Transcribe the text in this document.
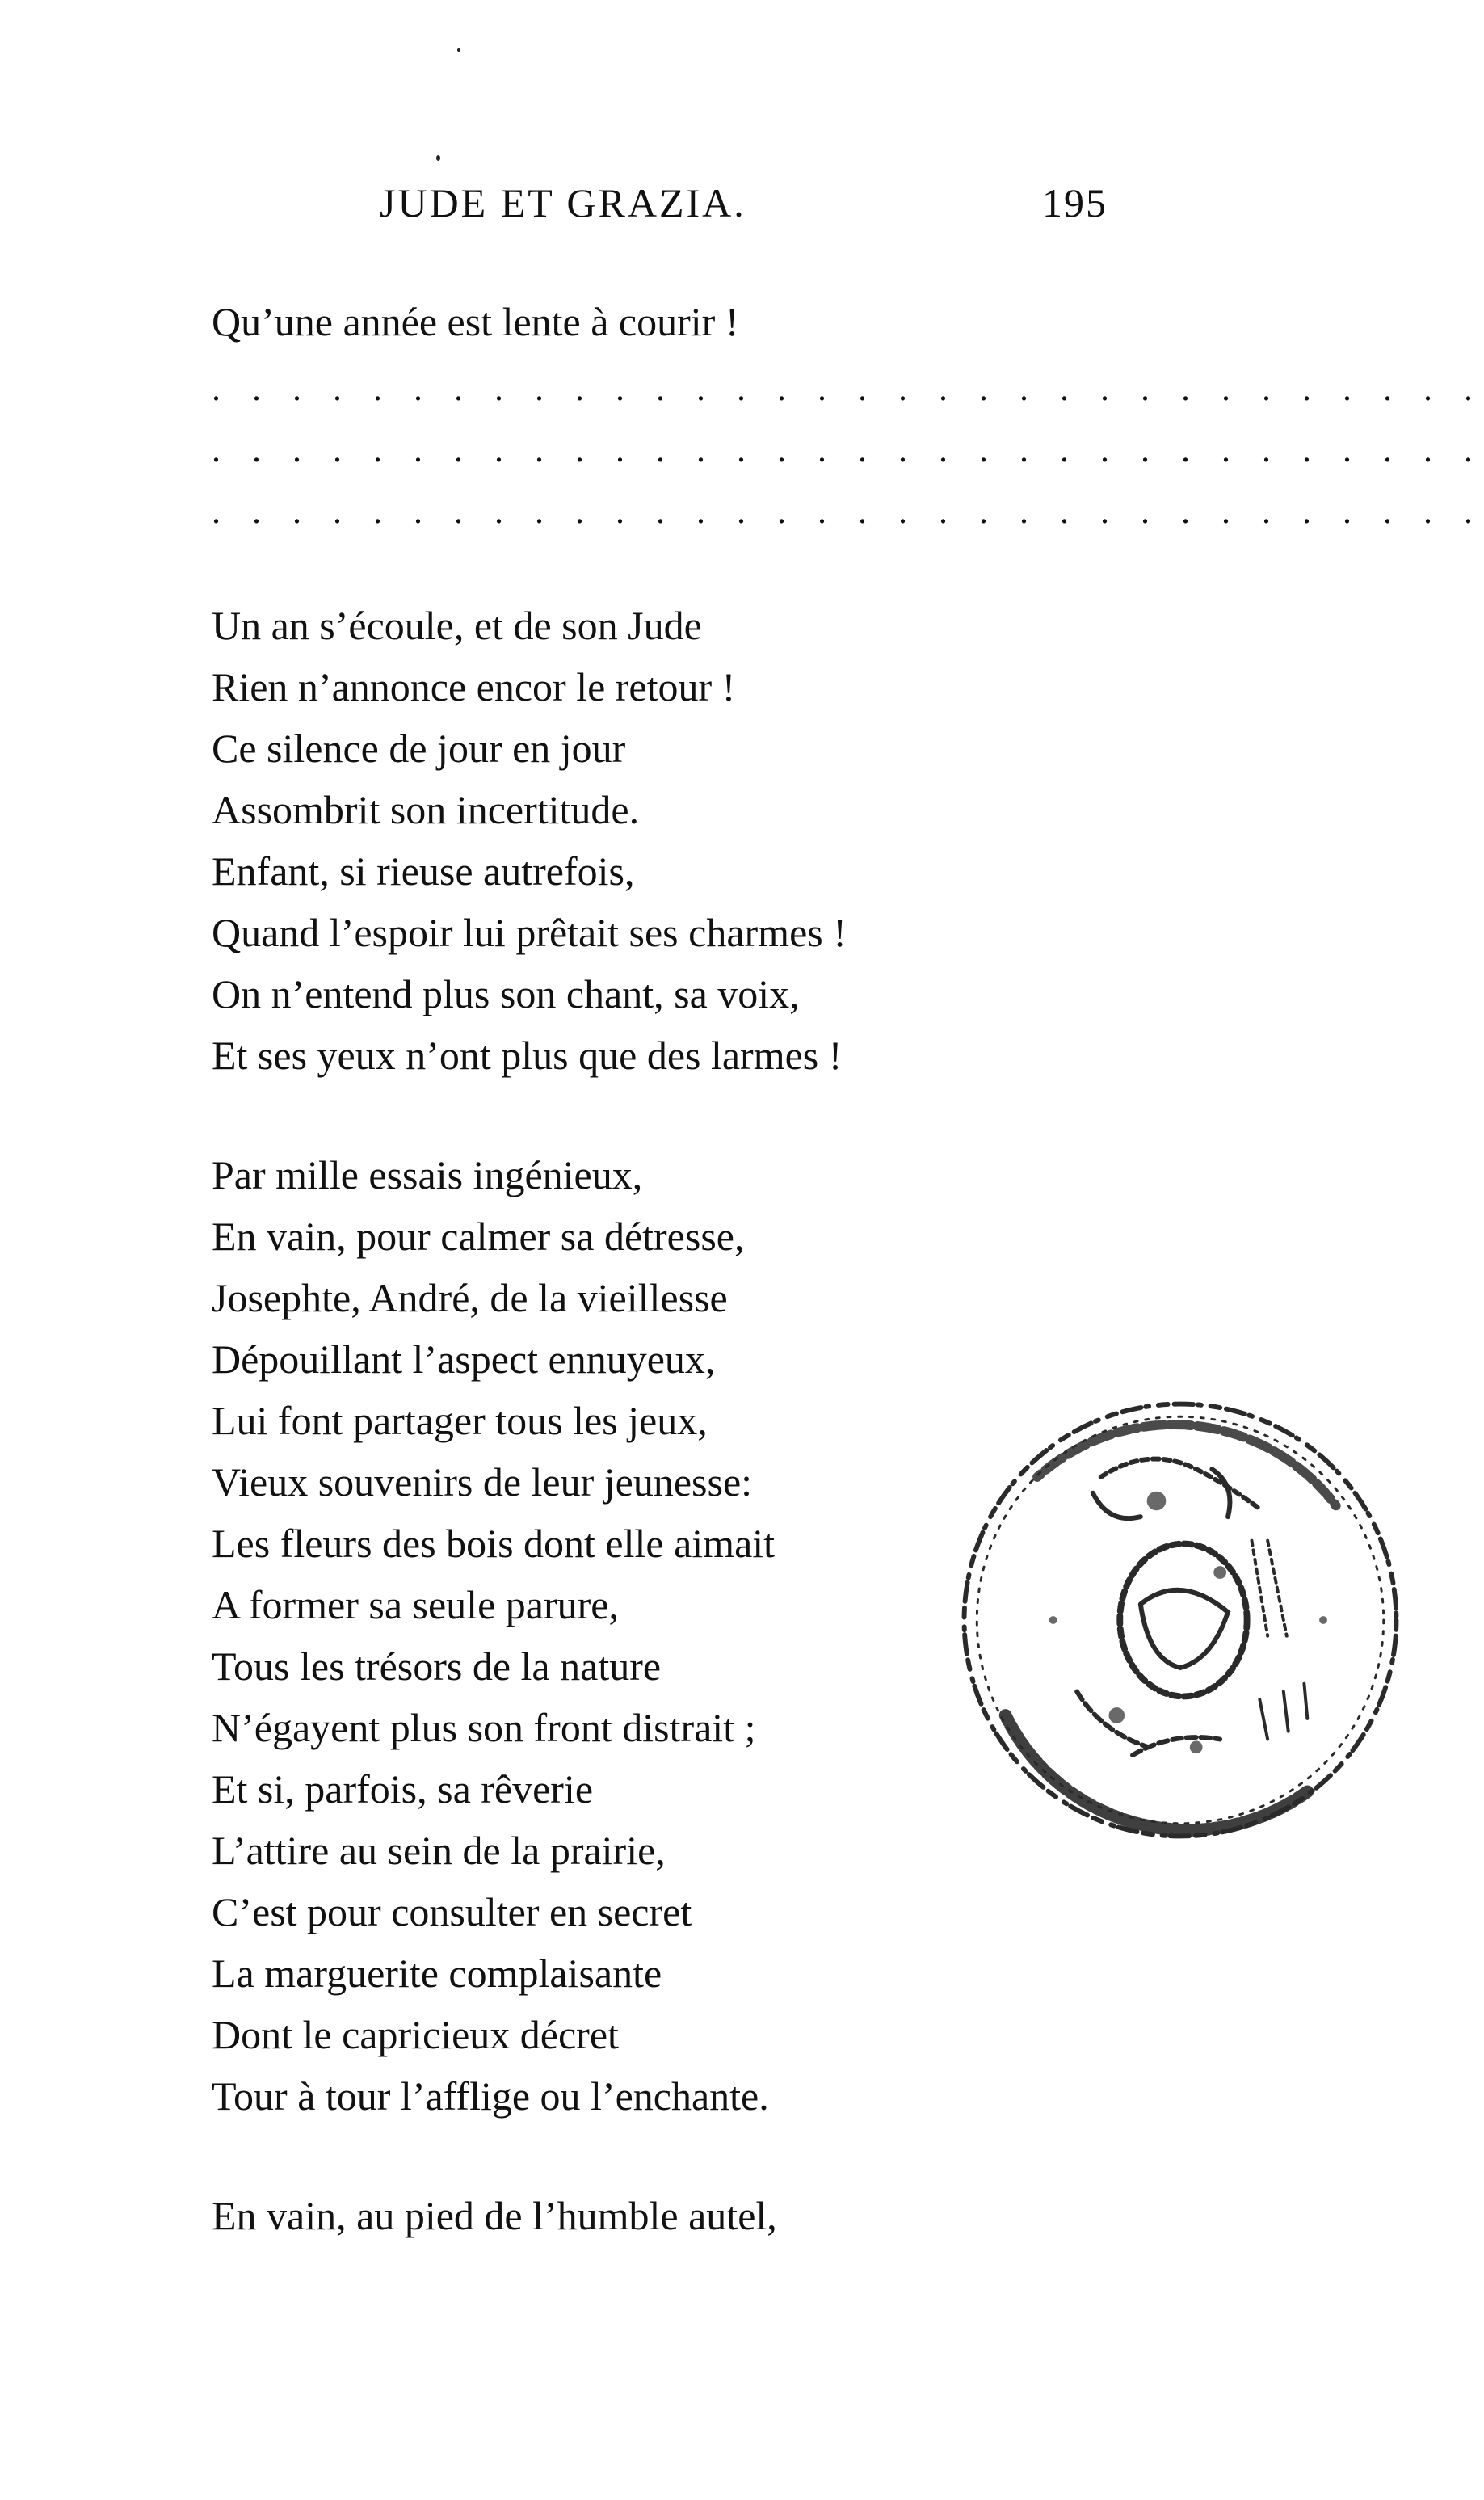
JUDE ET GRAZIA.	195
Qu’une année est lente à courir !
. . . . . . . . . . . . . . . . . . . . . . . . . . . . . . . .
. . . . . . . . . . . . . . . . . . . . . . . . . . . . . . . .
. . . . . . . . . . . . . . . . . . . . . . . . . . . . . . . .
Un an s’écoule, et de son Jude
Rien n’annonce encor le retour !
Ce silence de jour en jour
Assombrit son incertitude.
Enfant, si rieuse autrefois,
Quand l’espoir lui prêtait ses charmes !
On n’entend plus son chant, sa voix,
Et ses yeux n’ont plus que des larmes !
Par mille essais ingénieux,
En vain, pour calmer sa détresse,
Josephte, André, de la vieillesse
Dépouillant l’aspect ennuyeux,
Lui font partager tous les jeux,
Vieux souvenirs de leur jeunesse:
Les fleurs des bois dont elle aimait
A former sa seule parure,
Tous les trésors de la nature
N’égayent plus son front distrait ;
Et si, parfois, sa rêverie
L’attire au sein de la prairie,
C’est pour consulter en secret
La marguerite complaisante
Dont le capricieux décret
Tour à tour l’afflige ou l’enchante.
En vain, au pied de l’humble autel,
